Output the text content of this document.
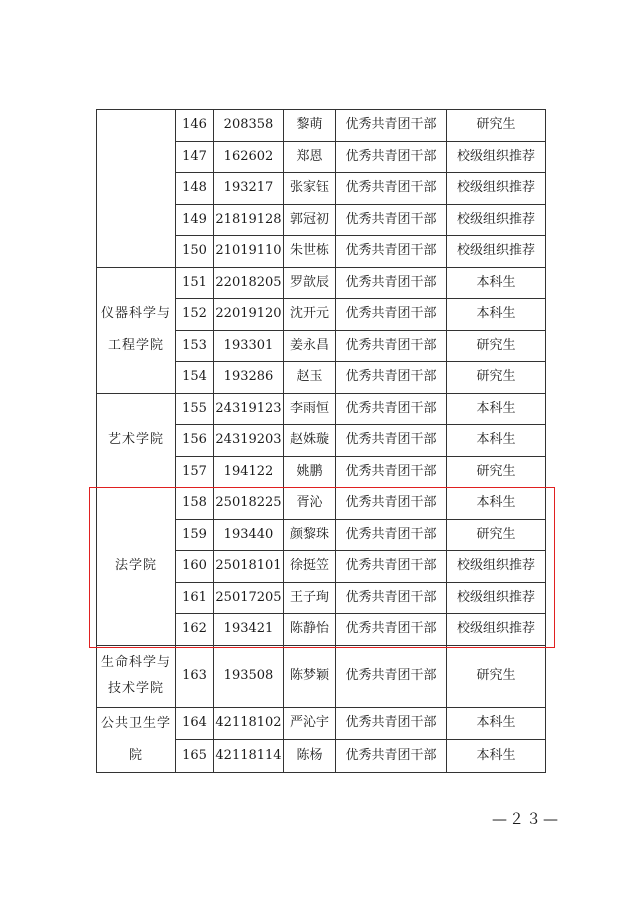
	146	208358	黎萌	优秀共青团干部	研究生
	147	162602	郑恩	优秀共青团干部	校级组织推荐
	148	193217	张家钰	优秀共青团干部	校级组织推荐
	149	21819128	郭冠初	优秀共青团干部	校级组织推荐
	150	21019110	朱世栋	优秀共青团干部	校级组织推荐
仪器科学与工程学院	151	22018205	罗歆辰	优秀共青团干部	本科生
	152	22019120	沈开元	优秀共青团干部	本科生
	153	193301	姜永昌	优秀共青团干部	研究生
	154	193286	赵玉	优秀共青团干部	研究生
艺术学院	155	24319123	李雨恒	优秀共青团干部	本科生
	156	24319203	赵姝璇	优秀共青团干部	本科生
	157	194122	姚鹏	优秀共青团干部	研究生
法学院	158	25018225	胥沁	优秀共青团干部	本科生
	159	193440	颜黎珠	优秀共青团干部	研究生
	160	25018101	徐挺笠	优秀共青团干部	校级组织推荐
	161	25017205	王子珣	优秀共青团干部	校级组织推荐
	162	193421	陈静怡	优秀共青团干部	校级组织推荐
生命科学与技术学院	163	193508	陈梦颖	优秀共青团干部	研究生
公共卫生学院	164	42118102	严沁宇	优秀共青团干部	本科生
	165	42118114	陈杨	优秀共青团干部	本科生
—２３—
